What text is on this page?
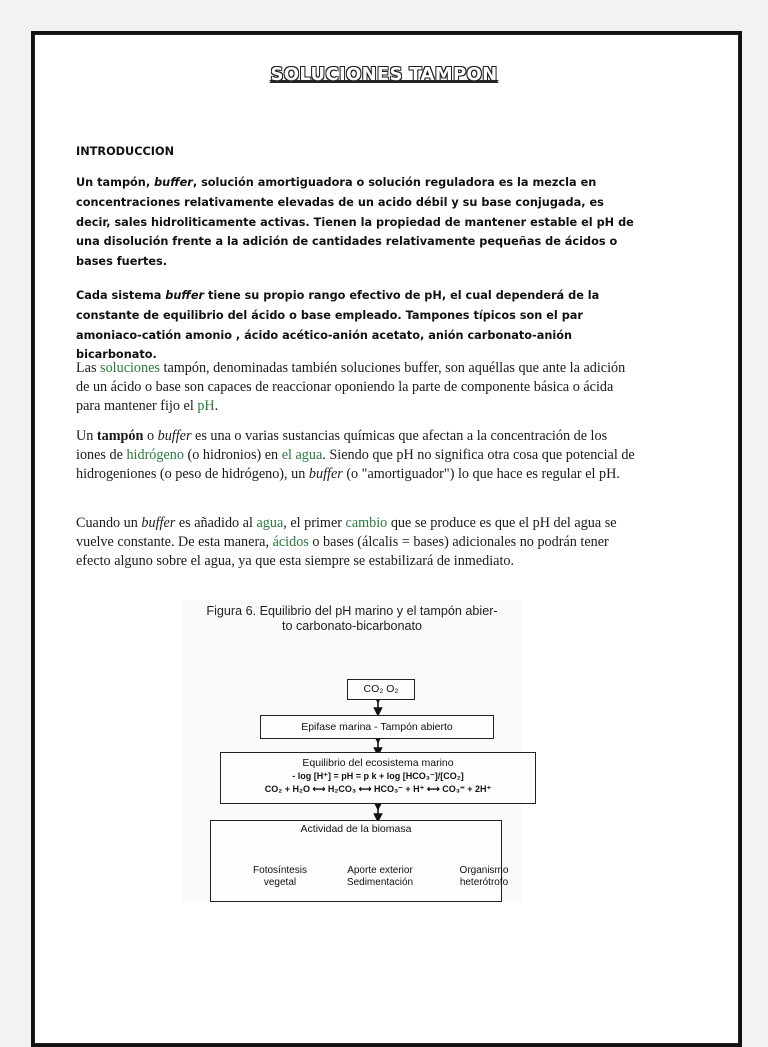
SOLUCIONES TAMPON
INTRODUCCION

Un tampón, buffer, solución amortiguadora o solución reguladora es la mezcla en concentraciones relativamente elevadas de un acido débil y su base conjugada, es decir, sales hidroliticamente activas. Tienen la propiedad de mantener estable el pH de una disolución frente a la adición de cantidades relativamente pequeñas de ácidos o bases fuertes.

Cada sistema buffer tiene su propio rango efectivo de pH, el cual dependerá de la constante de equilibrio del ácido o base empleado. Tampones típicos son el par amoniaco-catión amonio , ácido acético-anión acetato, anión carbonato-anión bicarbonato.

Las soluciones tampón, denominadas también soluciones buffer, son aquéllas que ante la adición de un ácido o base son capaces de reaccionar oponiendo la parte de componente básica o ácida para mantener fijo el pH.

Un tampón o buffer es una o varias sustancias químicas que afectan a la concentración de los iones de hidrógeno (o hidronios) en el agua. Siendo que pH no significa otra cosa que potencial de hidrogeniones (o peso de hidrógeno), un buffer (o "amortiguador") lo que hace es regular el pH.

Cuando un buffer es añadido al agua, el primer cambio que se produce es que el pH del agua se vuelve constante. De esta manera, ácidos o bases (álcalis = bases) adicionales no podrán tener efecto alguno sobre el agua, ya que esta siempre se estabilizará de inmediato.

Figura 6. Equilibrio del pH marino y el tampón abier-
to carbonato-bicarbonato
CO₂ O₂
Epifase marina - Tampón abierto
Equilibrio del ecosistema marino
- log [H⁺] = pH = p k + log [HCO₃⁻]/[CO₂]
CO₂ + H₂O ⟷ H₂CO₃ ⟷ HCO₃⁻ + H⁺ ⟷ CO₃⁼ + 2H⁺
Actividad de la biomasa
Fotosíntesis
vegetal
Aporte exterior
Sedimentación
Organismo
heterótrofo
